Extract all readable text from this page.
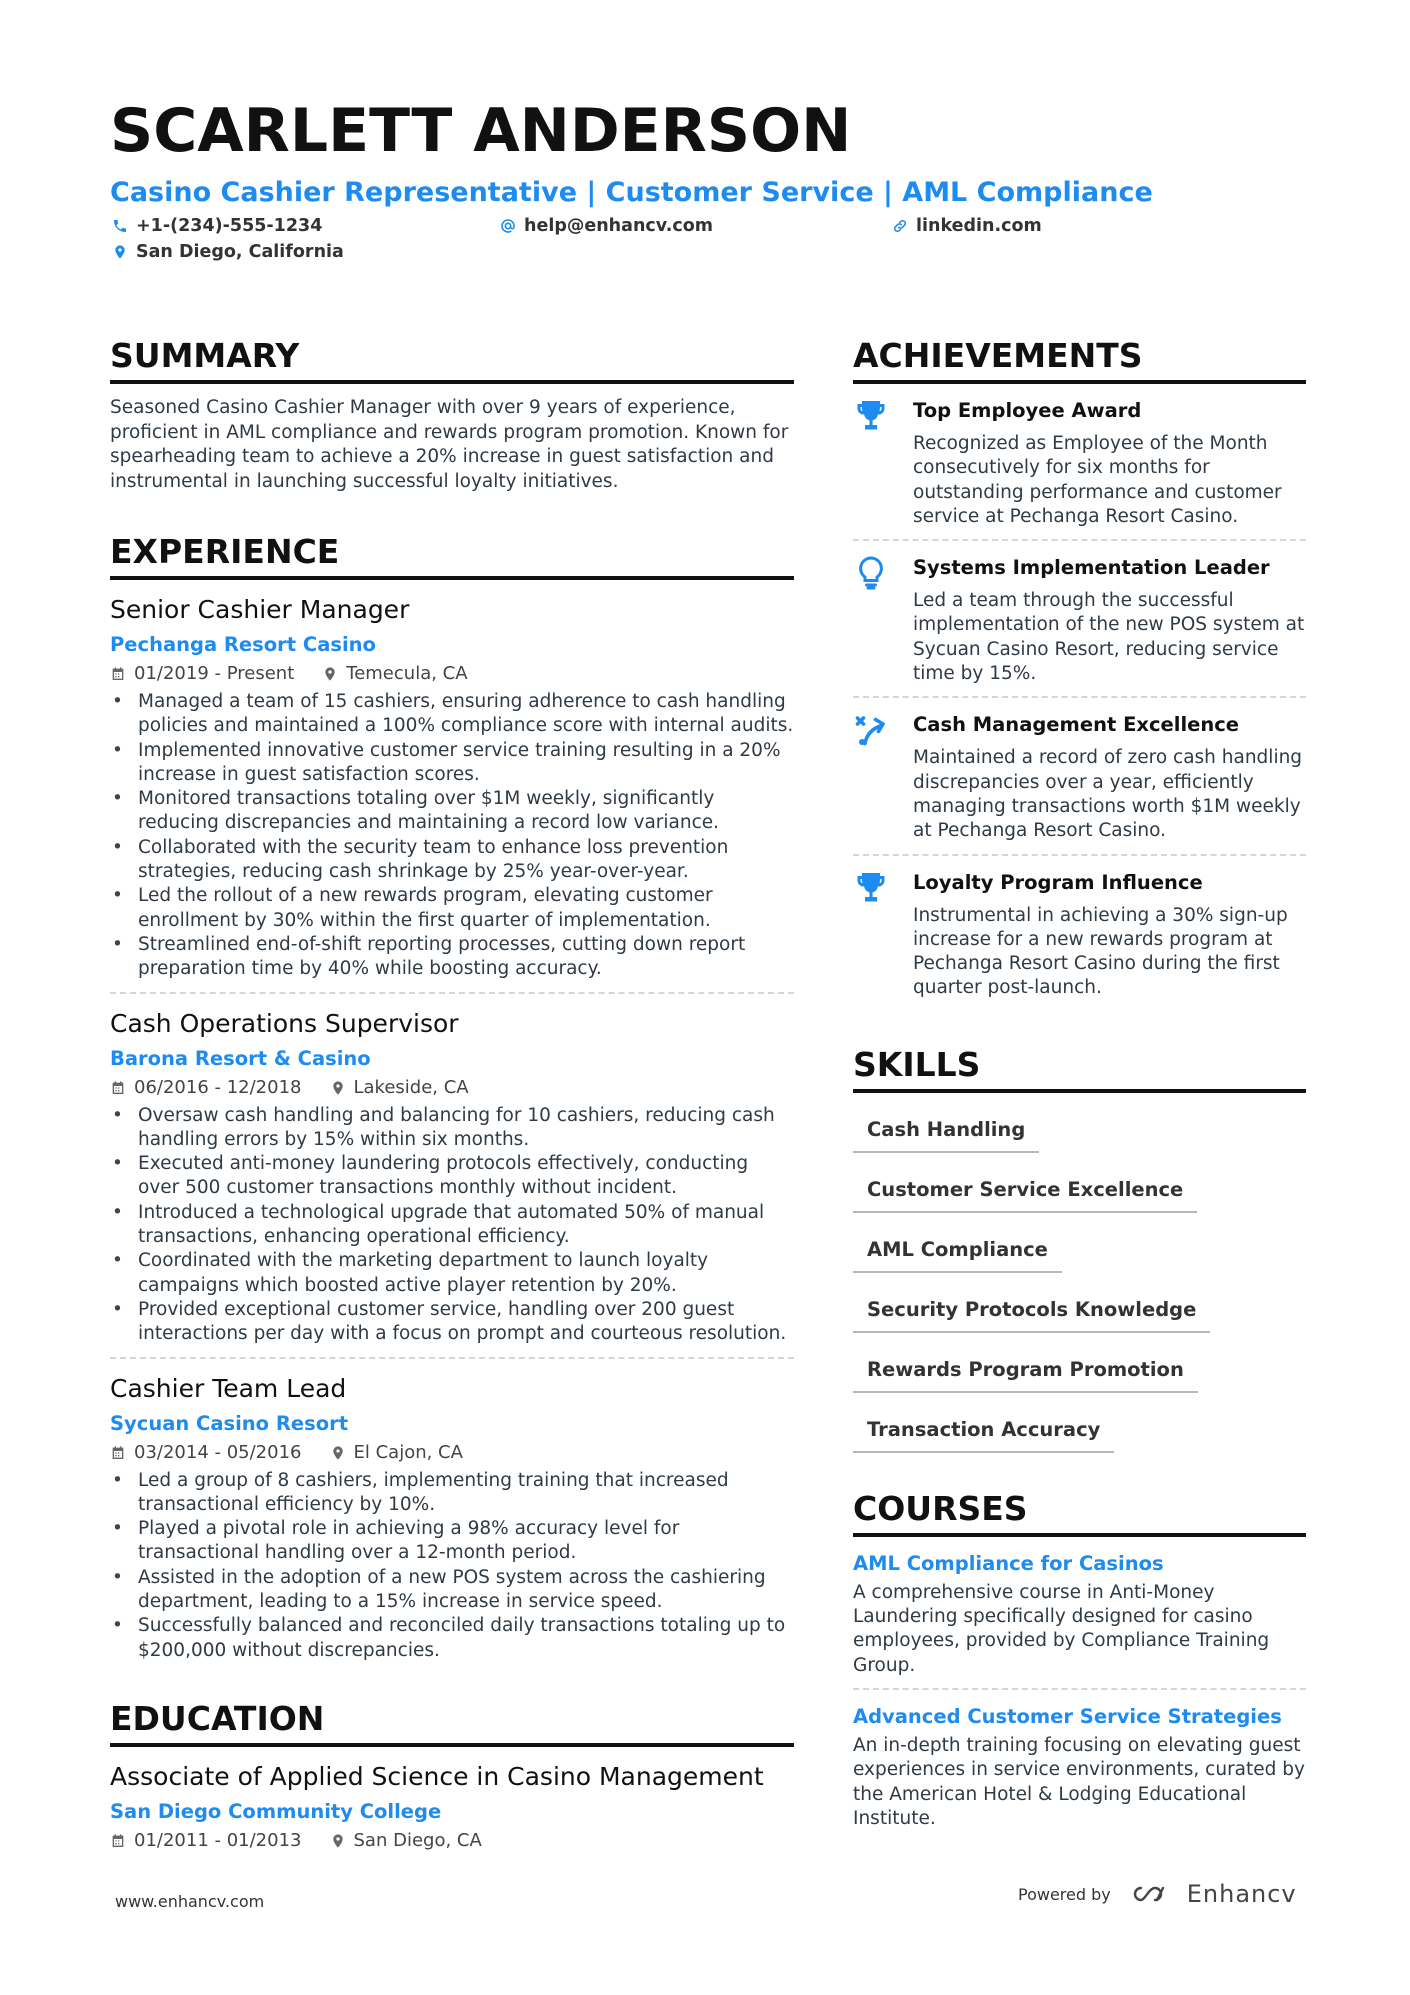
SCARLETT ANDERSON
Casino Cashier Representative | Customer Service | AML Compliance
+1-(234)-555-1234	help@enhancv.com	linkedin.com
San Diego, California
SUMMARY
Seasoned Casino Cashier Manager with over 9 years of experience, proficient in AML compliance and rewards program promotion. Known for spearheading team to achieve a 20% increase in guest satisfaction and instrumental in launching successful loyalty initiatives.
EXPERIENCE
Senior Cashier Manager
Pechanga Resort Casino
01/2019 - Present	Temecula, CA
• Managed a team of 15 cashiers, ensuring adherence to cash handling policies and maintained a 100% compliance score with internal audits.
• Implemented innovative customer service training resulting in a 20% increase in guest satisfaction scores.
• Monitored transactions totaling over $1M weekly, significantly reducing discrepancies and maintaining a record low variance.
• Collaborated with the security team to enhance loss prevention strategies, reducing cash shrinkage by 25% year-over-year.
• Led the rollout of a new rewards program, elevating customer enrollment by 30% within the first quarter of implementation.
• Streamlined end-of-shift reporting processes, cutting down report preparation time by 40% while boosting accuracy.
Cash Operations Supervisor
Barona Resort & Casino
06/2016 - 12/2018	Lakeside, CA
• Oversaw cash handling and balancing for 10 cashiers, reducing cash handling errors by 15% within six months.
• Executed anti-money laundering protocols effectively, conducting over 500 customer transactions monthly without incident.
• Introduced a technological upgrade that automated 50% of manual transactions, enhancing operational efficiency.
• Coordinated with the marketing department to launch loyalty campaigns which boosted active player retention by 20%.
• Provided exceptional customer service, handling over 200 guest interactions per day with a focus on prompt and courteous resolution.
Cashier Team Lead
Sycuan Casino Resort
03/2014 - 05/2016	El Cajon, CA
• Led a group of 8 cashiers, implementing training that increased transactional efficiency by 10%.
• Played a pivotal role in achieving a 98% accuracy level for transactional handling over a 12-month period.
• Assisted in the adoption of a new POS system across the cashiering department, leading to a 15% increase in service speed.
• Successfully balanced and reconciled daily transactions totaling up to $200,000 without discrepancies.
EDUCATION
Associate of Applied Science in Casino Management
San Diego Community College
01/2011 - 01/2013	San Diego, CA
ACHIEVEMENTS
Top Employee Award
Recognized as Employee of the Month consecutively for six months for outstanding performance and customer service at Pechanga Resort Casino.
Systems Implementation Leader
Led a team through the successful implementation of the new POS system at Sycuan Casino Resort, reducing service time by 15%.
Cash Management Excellence
Maintained a record of zero cash handling discrepancies over a year, efficiently managing transactions worth $1M weekly at Pechanga Resort Casino.
Loyalty Program Influence
Instrumental in achieving a 30% sign-up increase for a new rewards program at Pechanga Resort Casino during the first quarter post-launch.
SKILLS
Cash Handling
Customer Service Excellence
AML Compliance
Security Protocols Knowledge
Rewards Program Promotion
Transaction Accuracy
COURSES
AML Compliance for Casinos
A comprehensive course in Anti-Money Laundering specifically designed for casino employees, provided by Compliance Training Group.
Advanced Customer Service Strategies
An in-depth training focusing on elevating guest experiences in service environments, curated by the American Hotel & Lodging Educational Institute.
www.enhancv.com	Powered by	Enhancv
